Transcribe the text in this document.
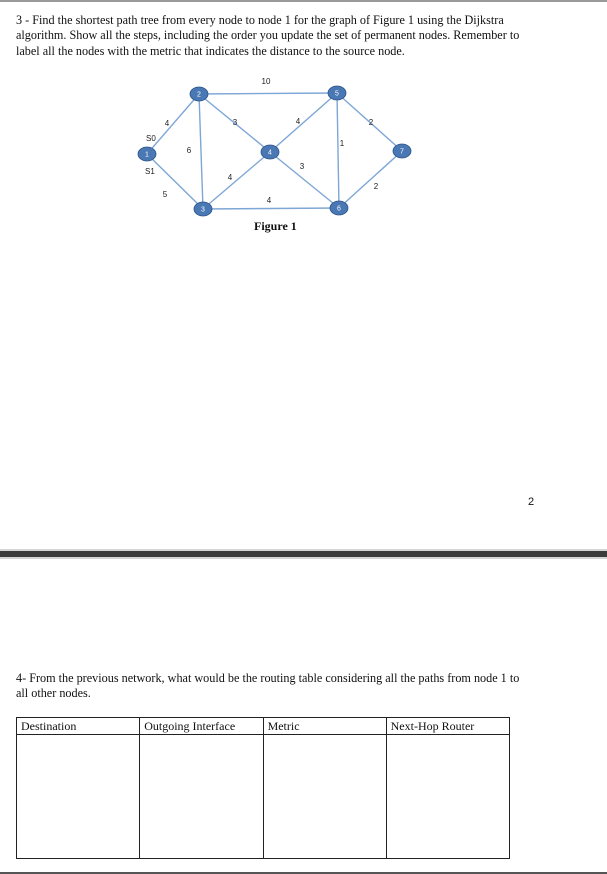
3 - Find the shortest path tree from every node to node 1 for the graph of Figure 1 using the Dijkstra algorithm. Show all the steps, including the order you update the set of permanent nodes. Remember to label all the nodes with the metric that indicates the distance to the source node.
4
5
6
3
10
4
4
4
3
1
2
2
1
2
3
4
5
6
7
S0
S1
Figure 1
2
4- From the previous network, what would be the routing table considering all the paths from node 1 to all other nodes.
Destination	Outgoing Interface	Metric	Next-Hop Router
